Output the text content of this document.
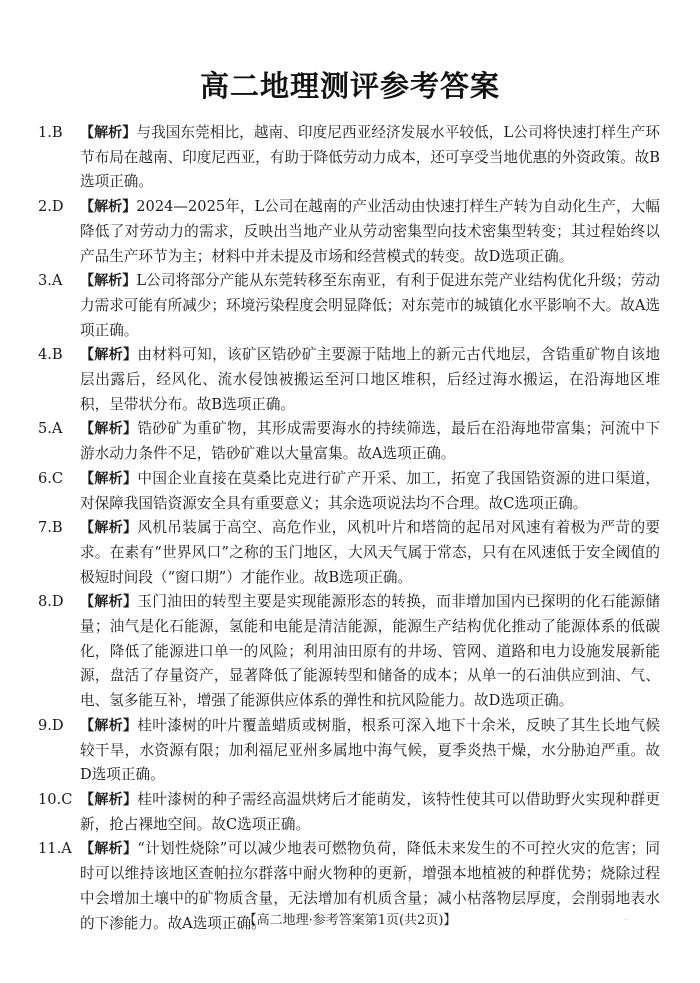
高二地理测评参考答案

1.B	【解析】与我国东莞相比，越南、印度尼西亚经济发展水平较低，L公司将快速打样生产环节布局在越南、印度尼西亚，有助于降低劳动力成本，还可享受当地优惠的外资政策。故B选项正确。

2.D	【解析】2024—2025年，L公司在越南的产业活动由快速打样生产转为自动化生产，大幅降低了对劳动力的需求，反映出当地产业从劳动密集型向技术密集型转变；其过程始终以产品生产环节为主；材料中并未提及市场和经营模式的转变。故D选项正确。

3.A	【解析】L公司将部分产能从东莞转移至东南亚，有利于促进东莞产业结构优化升级；劳动力需求可能有所减少；环境污染程度会明显降低；对东莞市的城镇化水平影响不大。故A选项正确。

4.B	【解析】由材料可知，该矿区锆砂矿主要源于陆地上的新元古代地层，含锆重矿物自该地层出露后，经风化、流水侵蚀被搬运至河口地区堆积，后经过海水搬运，在沿海地区堆积，呈带状分布。故B选项正确。

5.A	【解析】锆砂矿为重矿物，其形成需要海水的持续筛选，最后在沿海地带富集；河流中下游水动力条件不足，锆砂矿难以大量富集。故A选项正确。

6.C	【解析】中国企业直接在莫桑比克进行矿产开采、加工，拓宽了我国锆资源的进口渠道，对保障我国锆资源安全具有重要意义；其余选项说法均不合理。故C选项正确。

7.B	【解析】风机吊装属于高空、高危作业，风机叶片和塔筒的起吊对风速有着极为严苛的要求。在素有“世界风口”之称的玉门地区，大风天气属于常态，只有在风速低于安全阈值的极短时间段（“窗口期”）才能作业。故B选项正确。

8.D	【解析】玉门油田的转型主要是实现能源形态的转换，而非增加国内已探明的化石能源储量；油气是化石能源，氢能和电能是清洁能源，能源生产结构优化推动了能源体系的低碳化，降低了能源进口单一的风险；利用油田原有的井场、管网、道路和电力设施发展新能源，盘活了存量资产，显著降低了能源转型和储备的成本；从单一的石油供应到油、气、电、氢多能互补，增强了能源供应体系的弹性和抗风险能力。故D选项正确。

9.D	【解析】桂叶漆树的叶片覆盖蜡质或树脂，根系可深入地下十余米，反映了其生长地气候较干旱，水资源有限；加利福尼亚州多属地中海气候，夏季炎热干燥，水分胁迫严重。故D选项正确。

10.C 【解析】桂叶漆树的种子需经高温烘烤后才能萌发，该特性使其可以借助野火实现种群更新，抢占裸地空间。故C选项正确。

11.A 【解析】“计划性烧除”可以减少地表可燃物负荷，降低未来发生的不可控火灾的危害；同时可以维持该地区查帕拉尔群落中耐火物种的更新，增强本地植被的种群优势；烧除过程中会增加土壤中的矿物质含量，无法增加有机质含量；减小枯落物层厚度，会削弱地表水的下渗能力。故A选项正确。

【高二地理·参考答案第1页(共2页)】	··
